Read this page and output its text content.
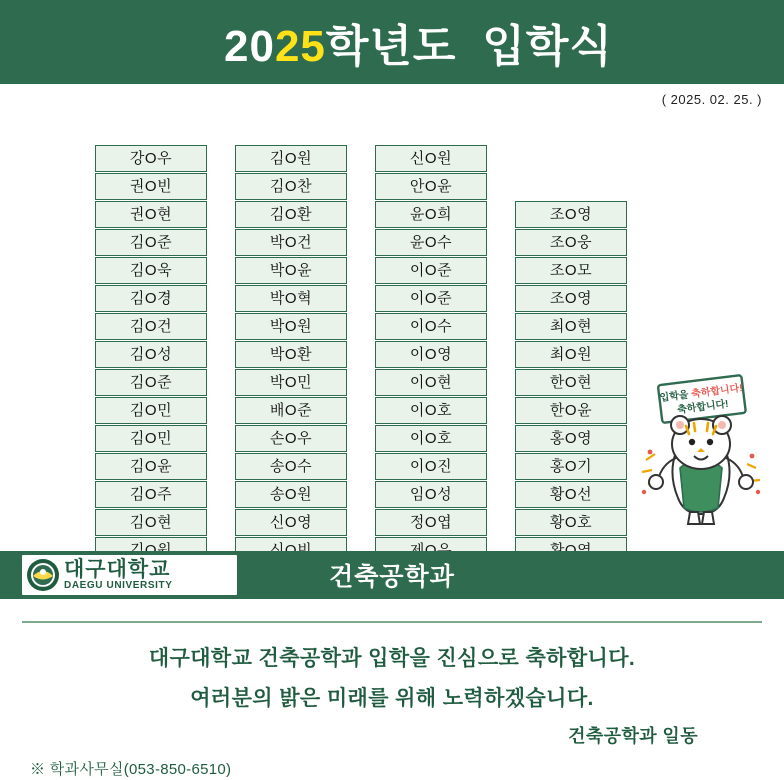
2025학년도 입학식

( 2025. 02. 25. )
강O우
권O빈
권O현
김O준
김O욱
김O경
김O건
김O성
김O준
김O민
김O민
김O윤
김O주
김O현
김O원
김O찬
김O환
박O건
박O윤
박O혁
박O원
박O환
박O민
배O준
손O우
송O수
송O원
신O영
신O원
안O윤
윤O희
윤O수
이O준
이O준
이O수
이O영
이O현
이O호
이O호
이O진
임O성
정O엽
조O영
조O웅
조O모
조O영
최O현
최O원
한O현
한O윤
홍O영
홍O기
황O선
황O호
입학을 축하합니다!
축하합니다!
DAEGU
대구대학교
DAEGU UNIVERSITY	건축공학과
대구대학교 건축공학과 입학을 진심으로 축하합니다.
여러분의 밝은 미래를 위해 노력하겠습니다.
건축공학과 일동
※ 학과사무실(053-850-6510)
